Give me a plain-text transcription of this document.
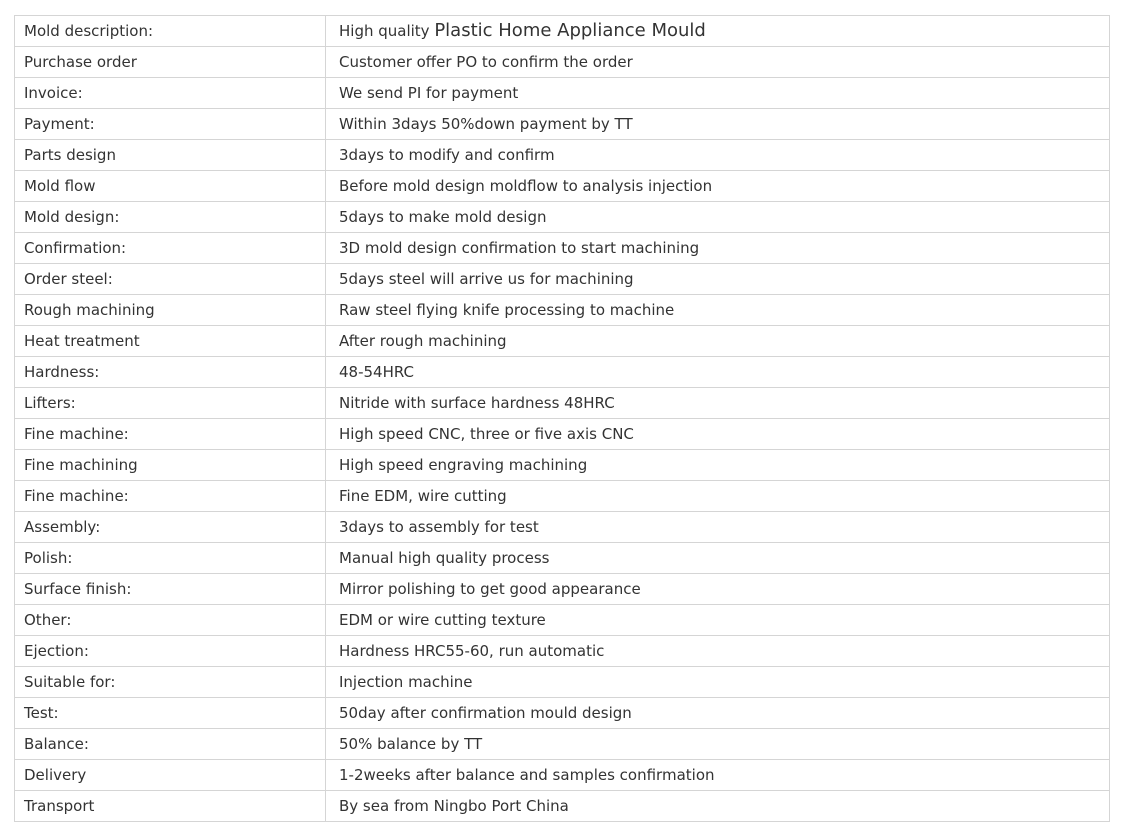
Mold description:	High quality Plastic Home Appliance Mould
Purchase order	Customer offer PO to confirm the order
Invoice:	We send PI for payment
Payment:	Within 3days 50%down payment by TT
Parts design	3days to modify and confirm
Mold flow	Before mold design moldflow to analysis injection
Mold design:	5days to make mold design
Confirmation:	3D mold design confirmation to start machining
Order steel:	5days steel will arrive us for machining
Rough machining	Raw steel flying knife processing to machine
Heat treatment	After rough machining
Hardness:	48-54HRC
Lifters:	Nitride with surface hardness 48HRC
Fine machine:	High speed CNC, three or five axis CNC
Fine machining	High speed engraving machining
Fine machine:	Fine EDM, wire cutting
Assembly:	3days to assembly for test
Polish:	Manual high quality process
Surface finish:	Mirror polishing to get good appearance
Other:	EDM or wire cutting texture
Ejection:	Hardness HRC55-60, run automatic
Suitable for:	Injection machine
Test:	50day after confirmation mould design
Balance:	50% balance by TT
Delivery	1-2weeks after balance and samples confirmation
Transport	By sea from Ningbo Port China
